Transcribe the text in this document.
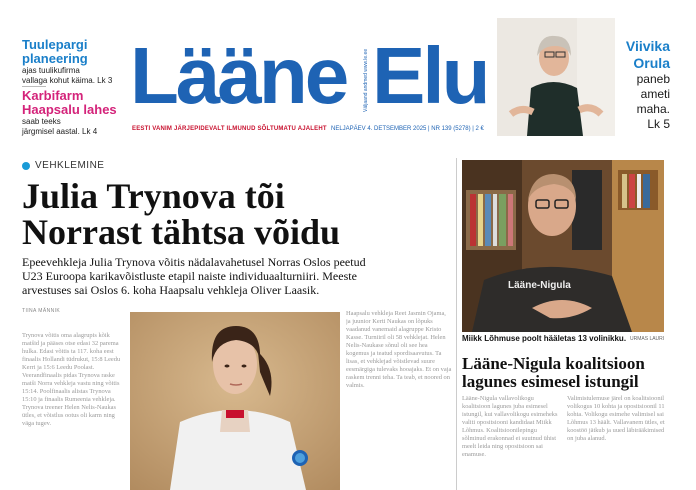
Tuulepargi
planeering
ajas tuulikufirma
vallaga kohut käima. Lk 3
Karbifarm
Haapsalu lahes
saab teeks
järgmisel aastal. Lk 4
Lääne	Väljaand andmed www.le.ee Elu
EESTI VANIM JÄRJEPIDEVALT ILMUNUD SÕLTUMATU AJALEHT NELJAPÄEV 4. DETSEMBER 2025 | NR 139 (5278) | 2 €
Viivika
Orula
paneb
ameti
maha.
Lk 5
VEHKLEMINE
Julia Trynova tõi
Norrast tähtsa võidu
Epeevehkleja Julia Trynova võitis nädalavahetusel Norras Oslos peetud
U23 Euroopa karikavõistluste etapil naiste individuaalturniiri. Meeste
arvestuses sai Oslos 6. koha Haapsalu vehkleja Oliver Laasik.
TIINA MÄNNIK
Trynova võitis oma alagrupis kõik matšid ja pääses otse edasi 32 parema hulka. Edasi võitis ta 117. koha eest finaalis Hollandi tüdrukut, 15:8 Leedu Kerri ja 15:6 Leedu Poolast. Veerandfinaalis pidas Trynova raske matši Norra vehkleja vastu ning võitis 15:14. Poolfinaalis alistas Trynova 15:10 ja finaalis Rumeenia vehkleja. Trynova treener Helen Nelis-Naukas ütles, et võistlus ootus oli karm ning väga tugev.
Haapsalu vehkleja Reet Jasmin Ojama, ja juunior Kerti Naukas on lõpuks vaadanud vanemaid alagruppe Kristo Kasse. Turniiril oli 58 vehklejat. Helen Nelis-Naukase sõnul oli see hea kogemus ja teatud spordisaavutus. Ta lisas, et vehklejad võistlevad suure eesmärgiga tulevaks hooajaks. Et on vaja raskem trenni teha. Ta teab, et noored on valmis.
Lääne-Nigula
Miikk Lõhmuse poolt hääletas 13 volinikku. URMAS LAURI
Lääne-Nigula koalitsioon
lagunes esimesel istungil
Lääne-Nigula vallavolikogu koalitsioon lagunes juba esimesel istungil, kui vallavolikogu esimeheks valiti opositsiooni kandidaat Miikk Lõhmus. Koalitsioonilepingu sõlminud erakonnad ei suutnud ühist meelt leida ning opositsioon sai enamuse.
Valimistulemuse järel on koalitsioonil volikogus 10 kohta ja opositsioonil 11 kohta. Volikogu esimehe valimisel sai Lõhmus 13 häält. Vallavanem ütles, et koostöö jätkub ja uued läbirääkimised on juba alanud.
